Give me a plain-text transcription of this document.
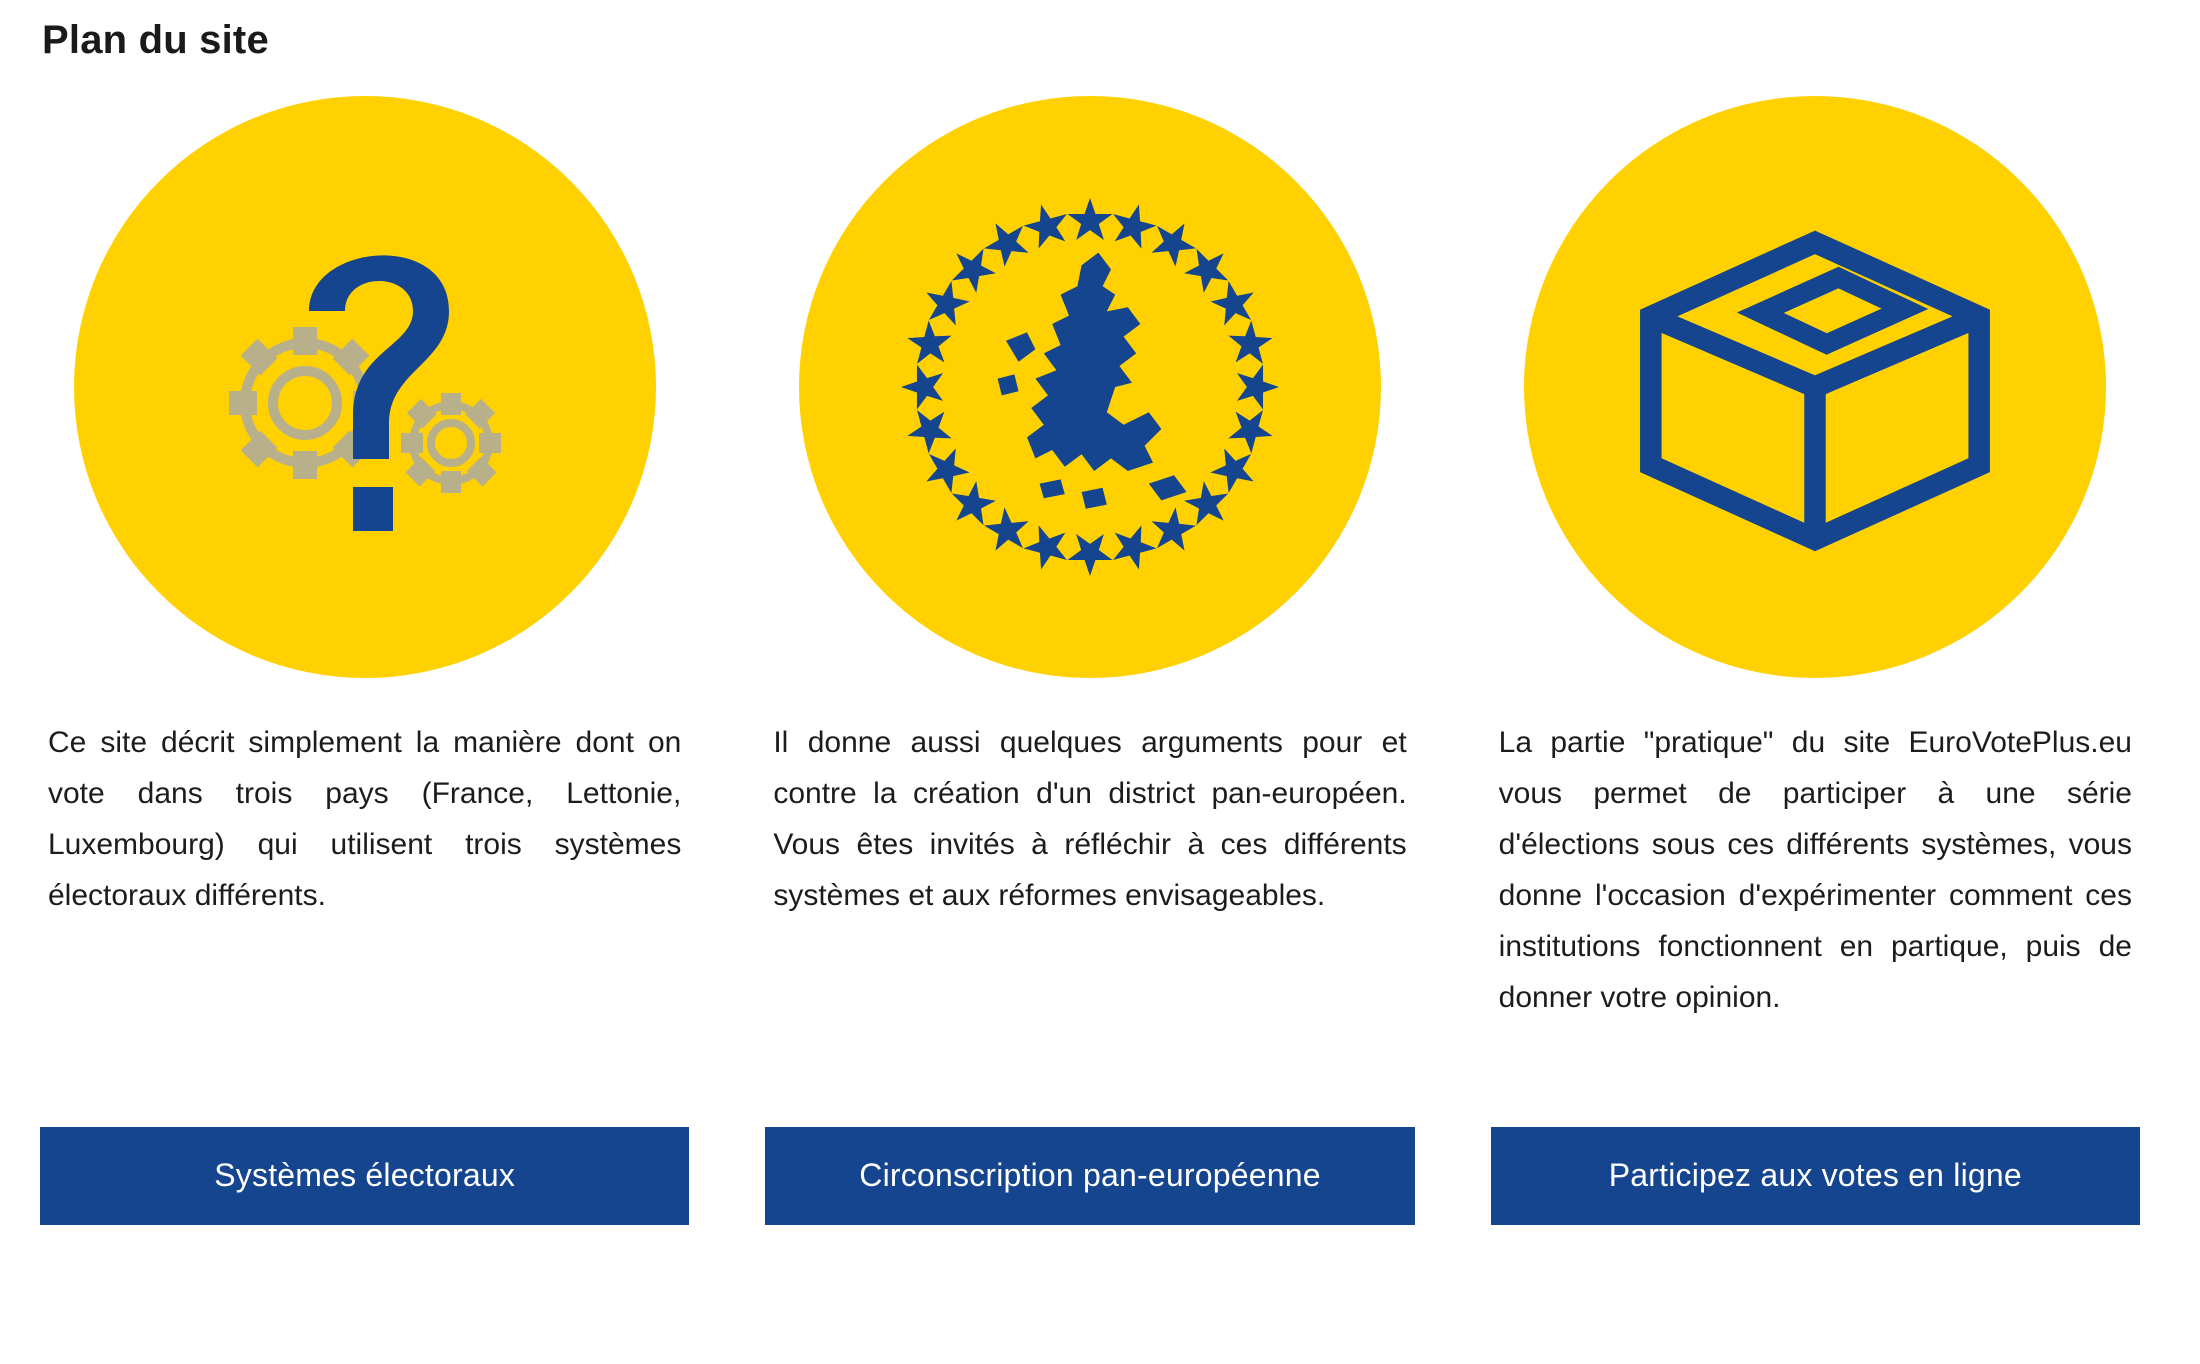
Plan du site

Ce site décrit simplement la manière dont on vote dans trois pays (France, Lettonie, Luxembourg) qui utilisent trois systèmes électoraux différents.

Systèmes électoraux

Il donne aussi quelques arguments pour et contre la création d'un district pan-européen. Vous êtes invités à réfléchir à ces différents systèmes et aux réformes envisageables.

Circonscription pan-européenne

La partie "pratique" du site EuroVotePlus.eu vous permet de participer à une série d'élections sous ces différents systèmes, vous donne l'occasion d'expérimenter comment ces institutions fonctionnent en partique, puis de donner votre opinion.

Participez aux votes en ligne
